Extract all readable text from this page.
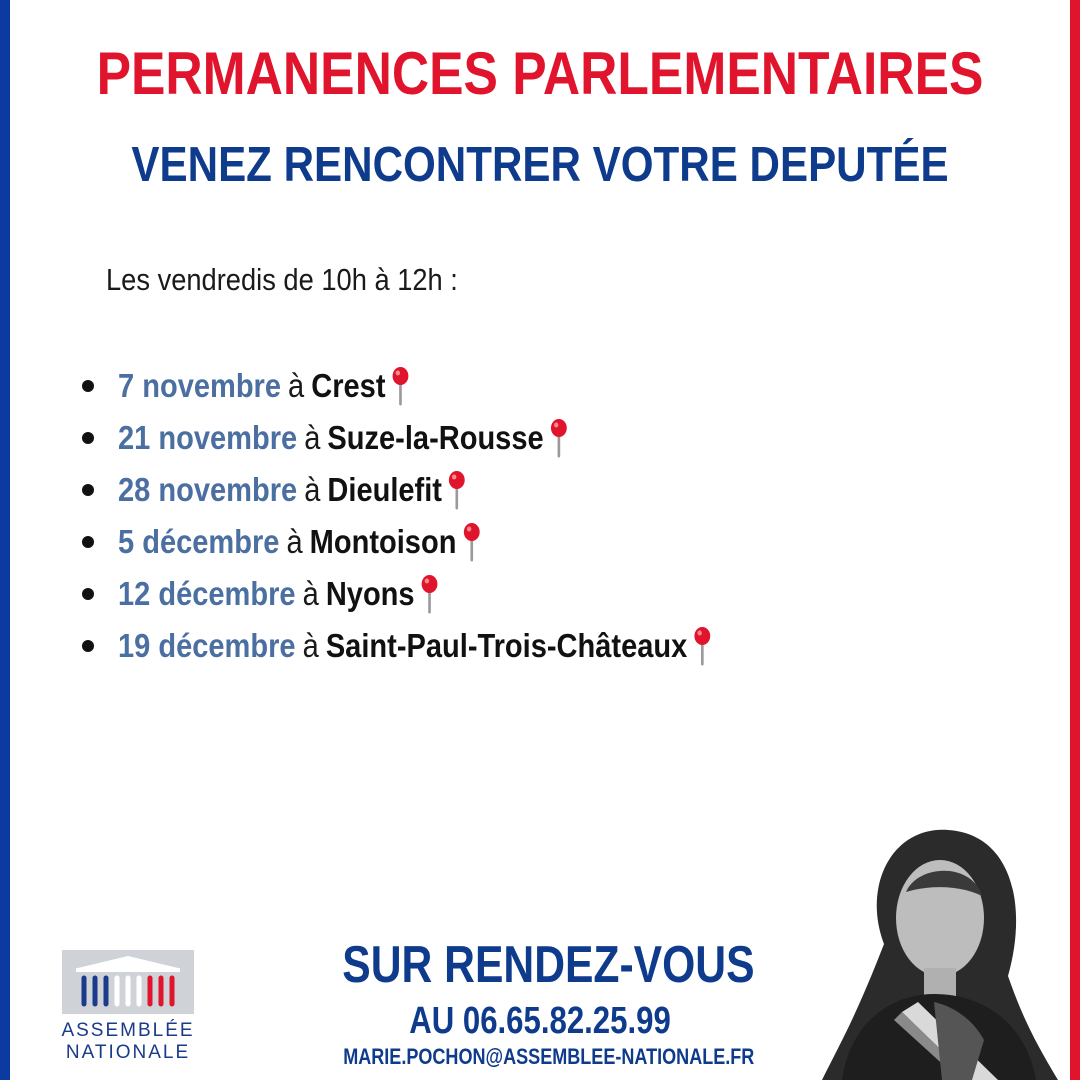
PERMANENCES PARLEMENTAIRES
VENEZ RENCONTRER VOTRE DEPUTÉE
Les vendredis de 10h à 12h :
7 novembre à Crest
21 novembre à Suze-la-Rousse
28 novembre à Dieulefit
5 décembre à Montoison
12 décembre à Nyons
19 décembre à Saint-Paul-Trois-Châteaux
ASSEMBLÉE
NATIONALE
SUR RENDEZ-VOUS
AU 06.65.82.25.99
MARIE.POCHON@ASSEMBLEE-NATIONALE.FR
